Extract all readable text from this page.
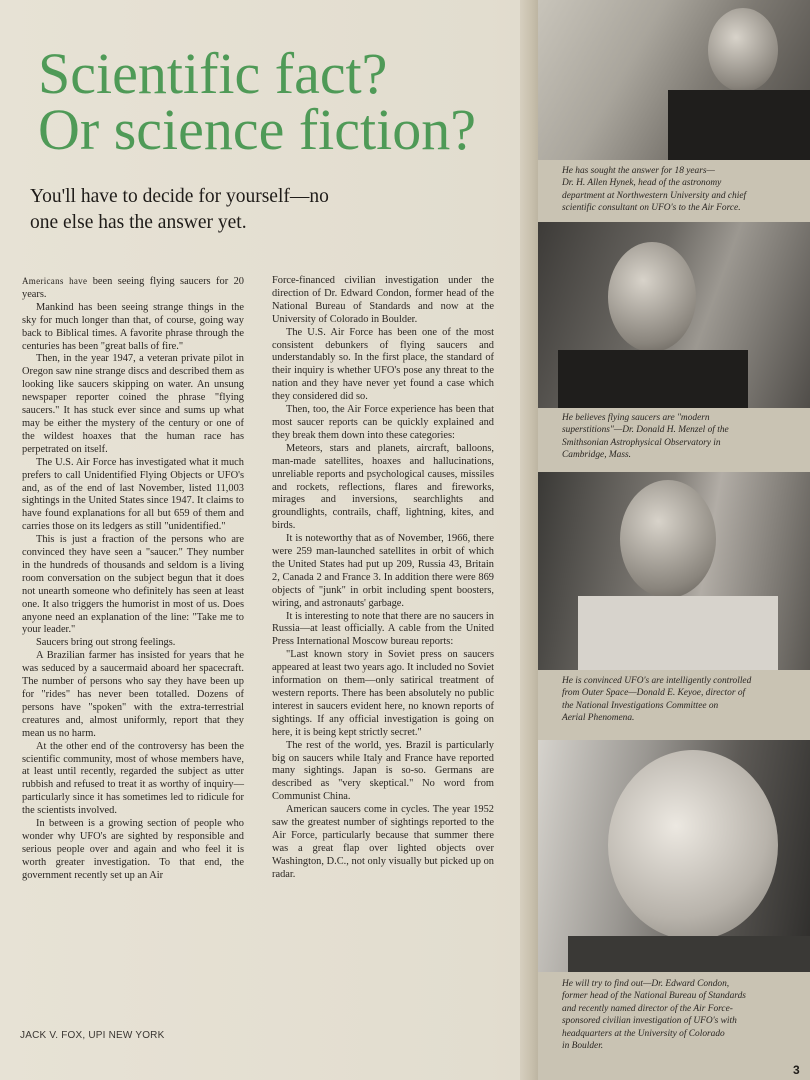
Scientific fact?
Or science fiction?

You'll have to decide for yourself—no one else has the answer yet.

Americans have been seeing flying saucers for 20 years.

Mankind has been seeing strange things in the sky for much longer than that, of course, going way back to Biblical times. A favorite phrase through the centuries has been "great balls of fire."

Then, in the year 1947, a veteran private pilot in Oregon saw nine strange discs and described them as looking like saucers skipping on water. An unsung newspaper reporter coined the phrase "flying saucers." It has stuck ever since and sums up what may be either the mystery of the century or one of the wildest hoaxes that the human race has perpetrated on itself.

The U.S. Air Force has investigated what it much prefers to call Unidentified Flying Objects or UFO's and, as of the end of last November, listed 11,003 sightings in the United States since 1947. It claims to have found explanations for all but 659 of them and carries those on its ledgers as still "unidentified."

This is just a fraction of the persons who are convinced they have seen a "saucer." They number in the hundreds of thousands and seldom is a living room conversation on the subject begun that it does not unearth someone who definitely has seen at least one. It also triggers the humorist in most of us. Does anyone need an explanation of the line: "Take me to your leader."

Saucers bring out strong feelings.

A Brazilian farmer has insisted for years that he was seduced by a saucermaid aboard her spacecraft. The number of persons who say they have been up for "rides" has never been totalled. Dozens of persons have "spoken" with the extra-terrestrial creatures and, almost uniformly, report that they mean us no harm.

At the other end of the controversy has been the scientific community, most of whose members have, at least until recently, regarded the subject as utter rubbish and refused to treat it as worthy of inquiry—particularly since it has sometimes led to ridicule for the scientists involved.

In between is a growing section of people who wonder why UFO's are sighted by responsible and serious people over and again and who feel it is worth greater investigation. To that end, the government recently set up an Air

Force-financed civilian investigation under the direction of Dr. Edward Condon, former head of the National Bureau of Standards and now at the University of Colorado in Boulder.

The U.S. Air Force has been one of the most consistent debunkers of flying saucers and understandably so. In the first place, the standard of their inquiry is whether UFO's pose any threat to the nation and they have never yet found a case which they considered did so.

Then, too, the Air Force experience has been that most saucer reports can be quickly explained and they break them down into these categories:

Meteors, stars and planets, aircraft, balloons, man-made satellites, hoaxes and hallucinations, unreliable reports and psychological causes, missiles and rockets, reflections, flares and fireworks, mirages and inversions, searchlights and groundlights, contrails, chaff, lightning, kites, and birds.

It is noteworthy that as of November, 1966, there were 259 man-launched satellites in orbit of which the United States had put up 209, Russia 43, Britain 2, Canada 2 and France 3. In addition there were 869 objects of "junk" in orbit including spent boosters, wiring, and astronauts' garbage.

It is interesting to note that there are no saucers in Russia—at least officially. A cable from the United Press International Moscow bureau reports:

"Last known story in Soviet press on saucers appeared at least two years ago. It included no Soviet information on them—only satirical treatment of western reports. There has been absolutely no public interest in saucers evident here, no known reports of sightings. If any official investigation is going on here, it is being kept strictly secret."

The rest of the world, yes. Brazil is particularly big on saucers while Italy and France have reported many sightings. Japan is so-so. Germans are described as "very skeptical." No word from Communist China.

American saucers come in cycles. The year 1952 saw the greatest number of sightings reported to the Air Force, particularly because that summer there was a great flap over lighted objects over Washington, D.C., not only visually but picked up on radar.

JACK V. FOX, UPI NEW YORK
3
He has sought the answer for 18 years—
Dr. H. Allen Hynek, head of the astronomy
department at Northwestern University and chief
scientific consultant on UFO's to the Air Force.
He believes flying saucers are "modern
superstitions"—Dr. Donald H. Menzel of the
Smithsonian Astrophysical Observatory in
Cambridge, Mass.
He is convinced UFO's are intelligently controlled
from Outer Space—Donald E. Keyoe, director of
the National Investigations Committee on
Aerial Phenomena.
He will try to find out—Dr. Edward Condon,
former head of the National Bureau of Standards
and recently named director of the Air Force-
sponsored civilian investigation of UFO's with
headquarters at the University of Colorado
in Boulder.
